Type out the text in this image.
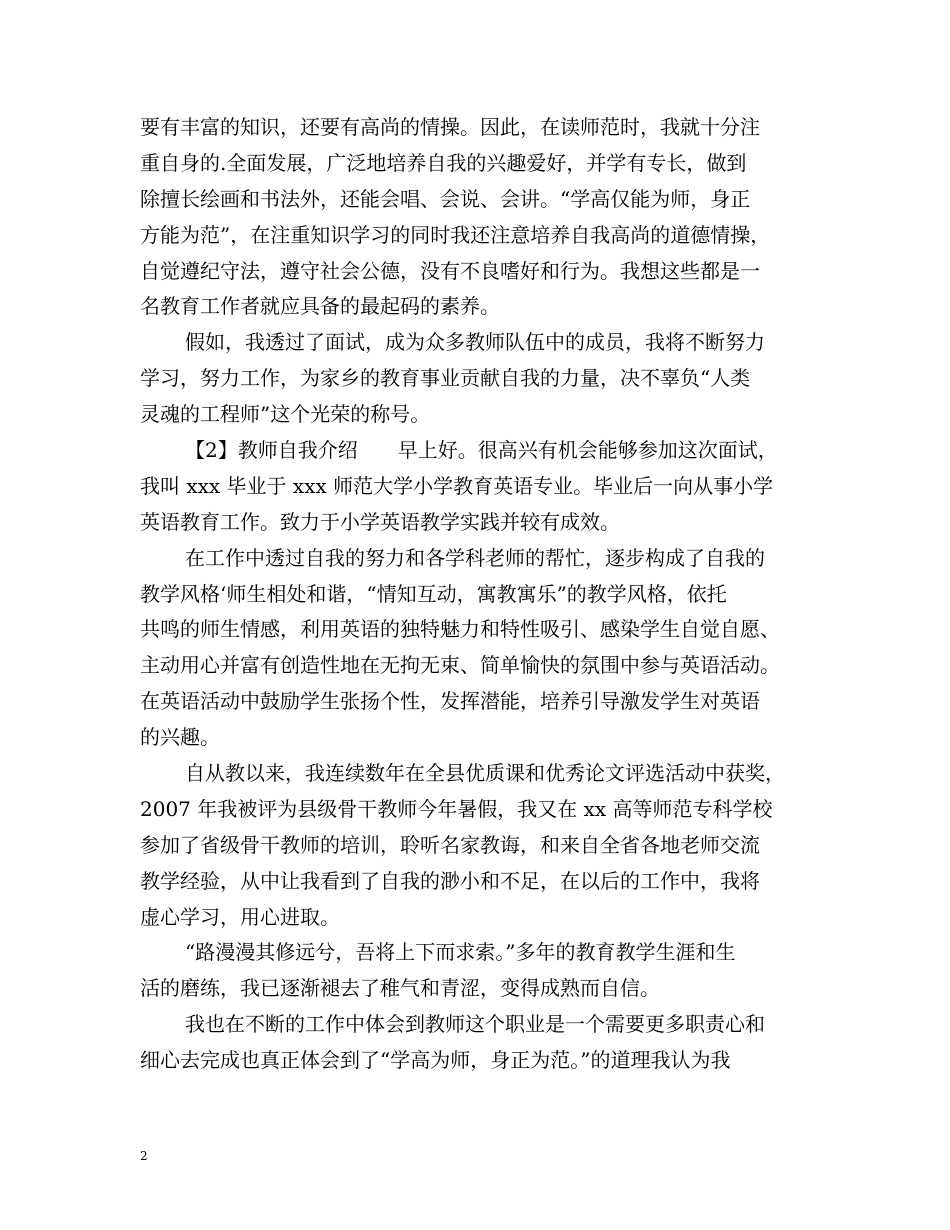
要有丰富的知识，还要有高尚的情操。因此，在读师范时，我就十分注
重自身的.全面发展，广泛地培养自我的兴趣爱好，并学有专长，做到
除擅长绘画和书法外，还能会唱、会说、会讲。“学高仅能为师，身正
方能为范”，在注重知识学习的同时我还注意培养自我高尚的道德情操，
自觉遵纪守法，遵守社会公德，没有不良嗜好和行为。我想这些都是一
名教育工作者就应具备的最起码的素养。
假如，我透过了面试，成为众多教师队伍中的成员，我将不断努力
学习，努力工作，为家乡的教育事业贡献自我的力量，决不辜负“人类
灵魂的工程师”这个光荣的称号。
【2】教师自我介绍　　早上好。很高兴有机会能够参加这次面试，
我叫 xxx 毕业于 xxx 师范大学小学教育英语专业。毕业后一向从事小学
英语教育工作。致力于小学英语教学实践并较有成效。
在工作中透过自我的努力和各学科老师的帮忙，逐步构成了自我的
教学风格‘师生相处和谐，“情知互动，寓教寓乐”的教学风格，依托
共鸣的师生情感，利用英语的独特魅力和特性吸引、感染学生自觉自愿、
主动用心并富有创造性地在无拘无束、简单愉快的氛围中参与英语活动。
在英语活动中鼓励学生张扬个性，发挥潜能，培养引导激发学生对英语
的兴趣。
自从教以来，我连续数年在全县优质课和优秀论文评选活动中获奖，
2007 年我被评为县级骨干教师今年暑假，我又在 xx 高等师范专科学校
参加了省级骨干教师的培训，聆听名家教诲，和来自全省各地老师交流
教学经验，从中让我看到了自我的渺小和不足，在以后的工作中，我将
虚心学习，用心进取。
“路漫漫其修远兮，吾将上下而求索。”多年的教育教学生涯和生
活的磨练，我已逐渐褪去了稚气和青涩，变得成熟而自信。
我也在不断的工作中体会到教师这个职业是一个需要更多职责心和
细心去完成也真正体会到了“学高为师，身正为范。”的道理我认为我
2
